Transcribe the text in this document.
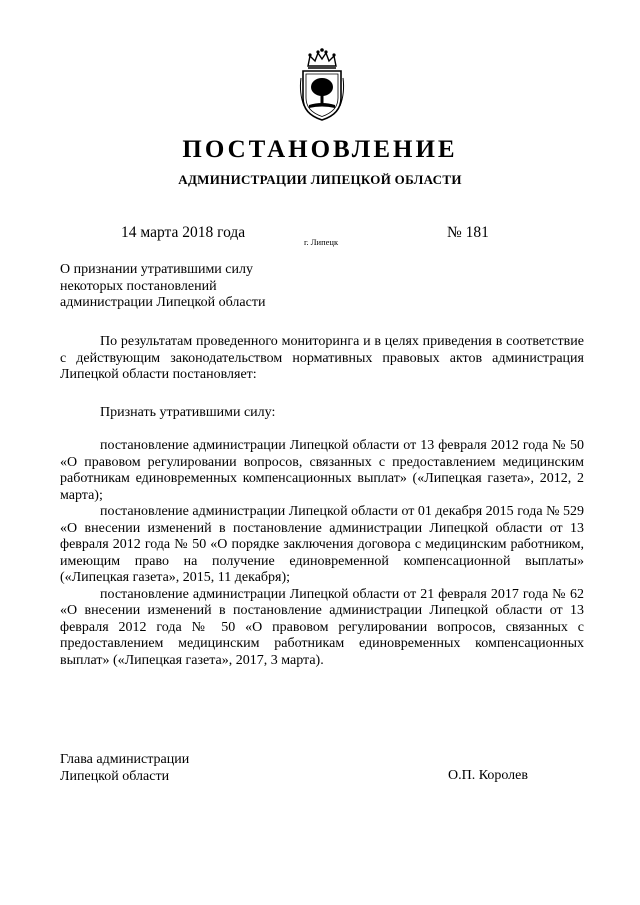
ПОСТАНОВЛЕНИЕ
АДМИНИСТРАЦИИ ЛИПЕЦКОЙ ОБЛАСТИ
14 марта 2018 года
г. Липецк
№ 181
О признании утратившими силу
некоторых постановлений
администрации Липецкой области

По результатам проведенного мониторинга и в целях приведения в соответствие с действующим законодательством нормативных правовых актов администрация Липецкой области постановляет:

Признать утратившими силу:

постановление администрации Липецкой области от 13 февраля 2012 года № 50 «О правовом регулировании вопросов, связанных с предоставлением медицинским работникам единовременных компенсационных выплат» («Липецкая газета», 2012, 2 марта);

постановление администрации Липецкой области от 01 декабря 2015 года № 529 «О внесении изменений в постановление администрации Липецкой области от 13 февраля 2012 года № 50 «О порядке заключения договора с медицинским работником, имеющим право на получение единовременной компенсационной выплаты» («Липецкая газета», 2015, 11 декабря);

постановление администрации Липецкой области от 21 февраля 2017 года № 62 «О внесении изменений в постановление администрации Липецкой области от 13 февраля 2012 года № 50 «О правовом регулировании вопросов, связанных с предоставлением медицинским работникам единовременных компенсационных выплат» («Липецкая газета», 2017, 3 марта).

Глава администрации
Липецкой области	О.П. Королев
